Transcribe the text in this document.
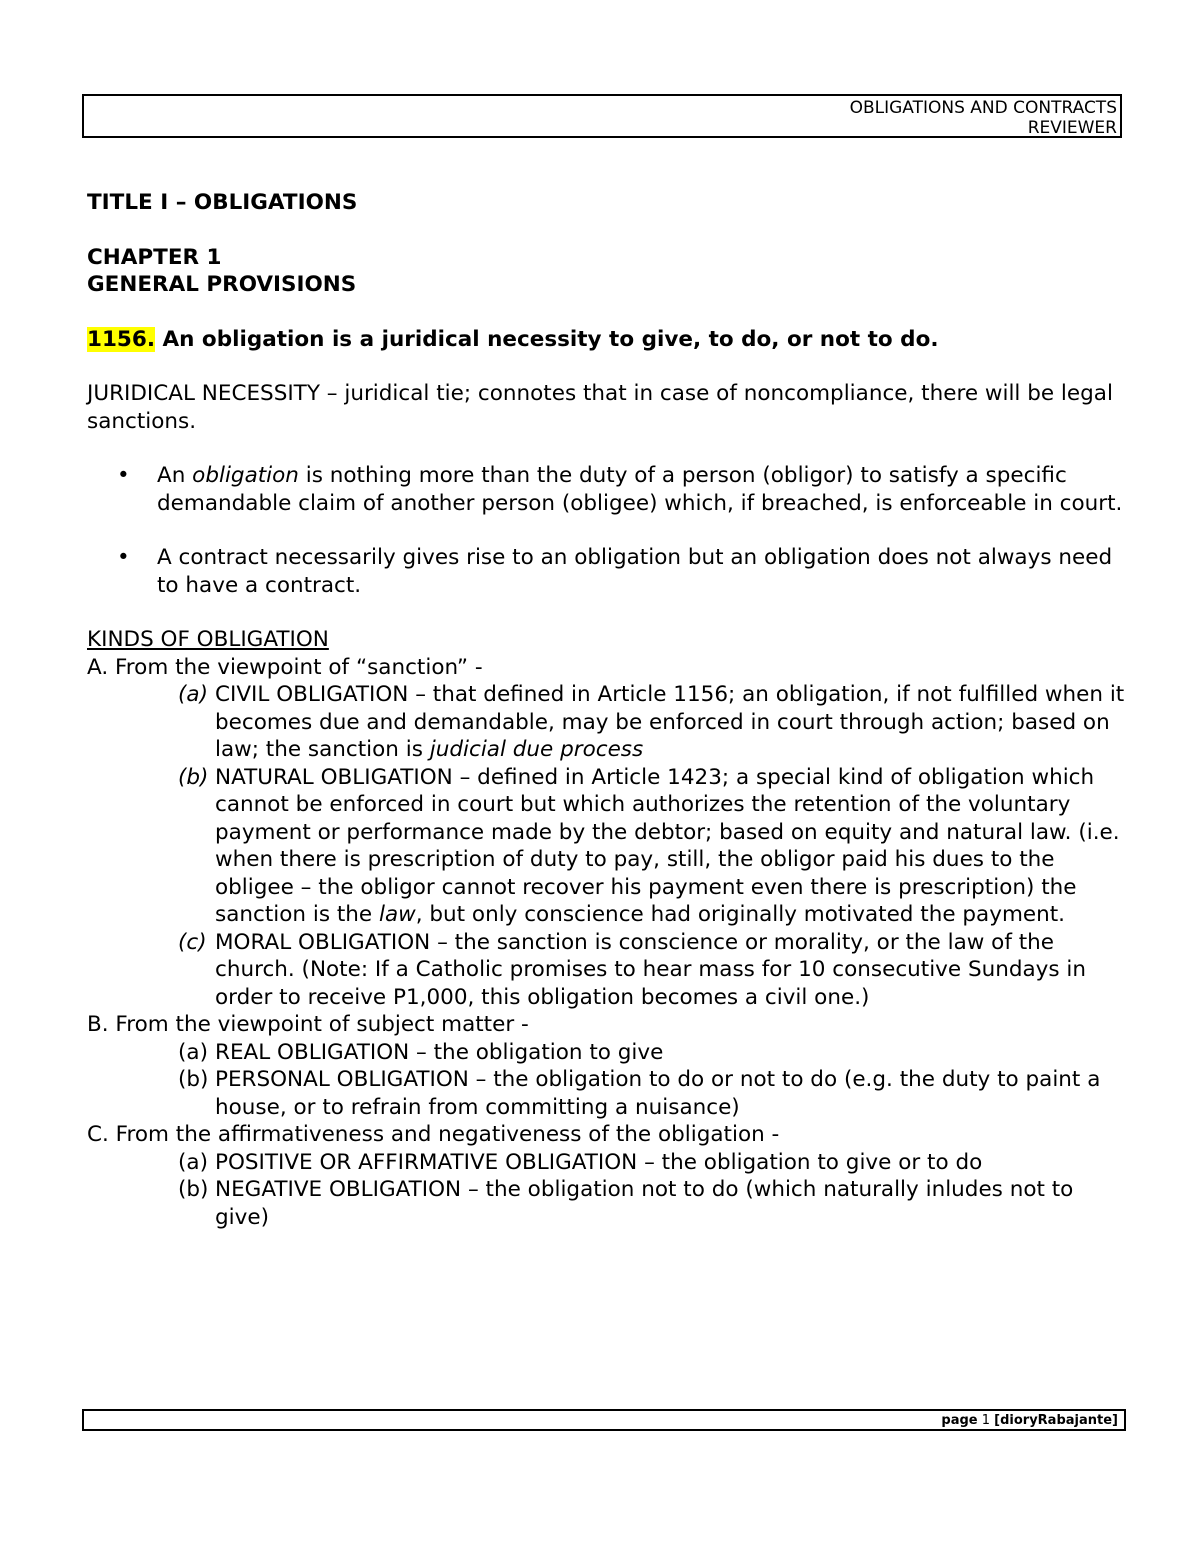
OBLIGATIONS AND CONTRACTS
REVIEWER

TITLE I – OBLIGATIONS

CHAPTER 1

GENERAL PROVISIONS

1156. An obligation is a juridical necessity to give, to do, or not to do.

JURIDICAL NECESSITY – juridical tie; connotes that in case of noncompliance, there will be legal sanctions.

• An obligation is nothing more than the duty of a person (obligor) to satisfy a specific demandable claim of another person (obligee) which, if breached, is enforceable in court.
• A contract necessarily gives rise to an obligation but an obligation does not always need to have a contract.

KINDS OF OBLIGATION

A. From the viewpoint of “sanction” -

(a) CIVIL OBLIGATION – that defined in Article 1156; an obligation, if not fulfilled when it becomes due and demandable, may be enforced in court through action; based on law; the sanction is judicial due process
(b) NATURAL OBLIGATION – defined in Article 1423; a special kind of obligation which cannot be enforced in court but which authorizes the retention of the voluntary payment or performance made by the debtor; based on equity and natural law. (i.e. when there is prescription of duty to pay, still, the obligor paid his dues to the obligee – the obligor cannot recover his payment even there is prescription) the sanction is the law, but only conscience had originally motivated the payment.
(c) MORAL OBLIGATION – the sanction is conscience or morality, or the law of the church. (Note: If a Catholic promises to hear mass for 10 consecutive Sundays in order to receive P1,000, this obligation becomes a civil one.)

B. From the viewpoint of subject matter -

(a) REAL OBLIGATION – the obligation to give
(b) PERSONAL OBLIGATION – the obligation to do or not to do (e.g. the duty to paint a house, or to refrain from committing a nuisance)

C. From the affirmativeness and negativeness of the obligation -

(a) POSITIVE OR AFFIRMATIVE OBLIGATION – the obligation to give or to do
(b) NEGATIVE OBLIGATION – the obligation not to do (which naturally inludes not to give)
page 1 [dioryRabajante]
